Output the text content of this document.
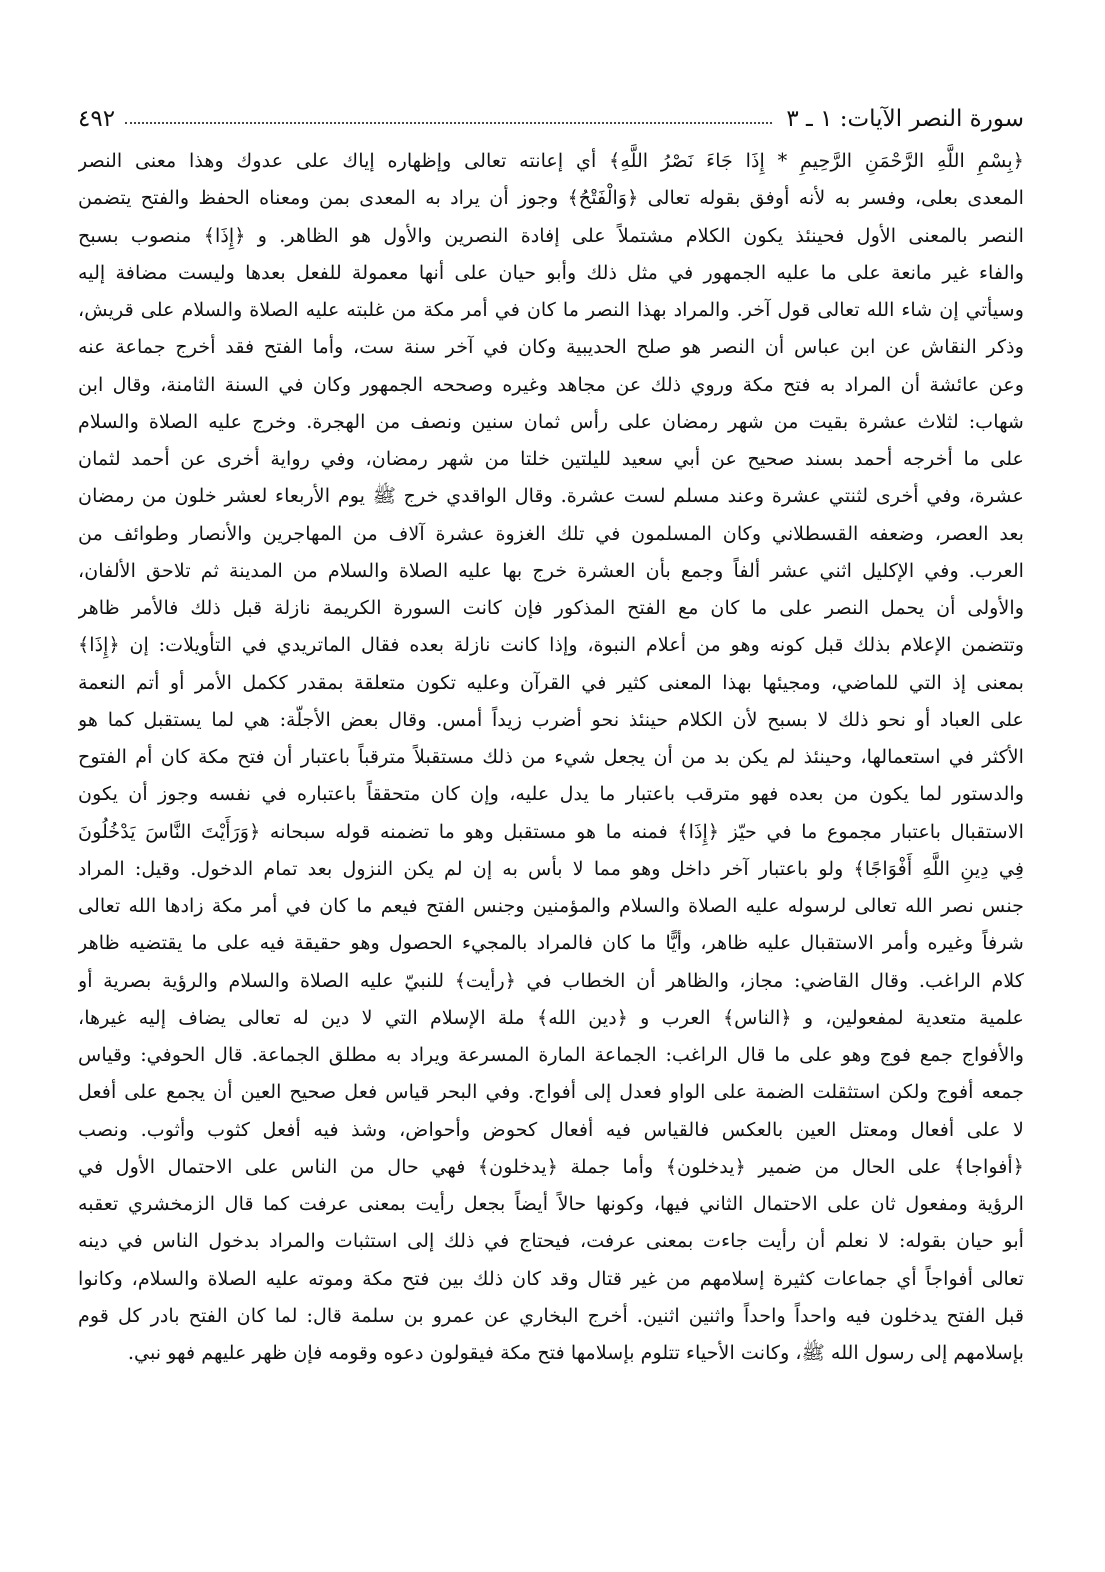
سورة النصر الآيات: ١ ـ ٣
٤٩٢
﴿بِسْمِ اللَّهِ الرَّحْمَنِ الرَّحِيمِ * إِذَا جَاءَ نَصْرُ اللَّهِ﴾ أي إعانته تعالى وإظهاره إياك على عدوك وهذا معنى النصر
المعدى بعلى، وفسر به لأنه أوفق بقوله تعالى ﴿وَالْفَتْحُ﴾ وجوز أن يراد به المعدى بمن ومعناه الحفظ والفتح يتضمن
النصر بالمعنى الأول فحينئذ يكون الكلام مشتملاً على إفادة النصرين والأول هو الظاهر. و ﴿إِذَا﴾ منصوب بسبح
والفاء غير مانعة على ما عليه الجمهور في مثل ذلك وأبو حيان على أنها معمولة للفعل بعدها وليست مضافة إليه
وسيأتي إن شاء الله تعالى قول آخر. والمراد بهذا النصر ما كان في أمر مكة من غلبته عليه الصلاة والسلام على قريش،
وذكر النقاش عن ابن عباس أن النصر هو صلح الحديبية وكان في آخر سنة ست، وأما الفتح فقد أخرج جماعة عنه
وعن عائشة أن المراد به فتح مكة وروي ذلك عن مجاهد وغيره وصححه الجمهور وكان في السنة الثامنة، وقال ابن
شهاب: لثلاث عشرة بقيت من شهر رمضان على رأس ثمان سنين ونصف من الهجرة. وخرج عليه الصلاة والسلام
على ما أخرجه أحمد بسند صحيح عن أبي سعيد لليلتين خلتا من شهر رمضان، وفي رواية أخرى عن أحمد لثمان
عشرة، وفي أخرى لثنتي عشرة وعند مسلم لست عشرة. وقال الواقدي خرج ﷺ يوم الأربعاء لعشر خلون من رمضان
بعد العصر، وضعفه القسطلاني وكان المسلمون في تلك الغزوة عشرة آلاف من المهاجرين والأنصار وطوائف من
العرب. وفي الإكليل اثني عشر ألفاً وجمع بأن العشرة خرج بها عليه الصلاة والسلام من المدينة ثم تلاحق الألفان،
والأولى أن يحمل النصر على ما كان مع الفتح المذكور فإن كانت السورة الكريمة نازلة قبل ذلك فالأمر ظاهر
وتتضمن الإعلام بذلك قبل كونه وهو من أعلام النبوة، وإذا كانت نازلة بعده فقال الماتريدي في التأويلات: إن ﴿إِذَا﴾
بمعنى إذ التي للماضي، ومجيئها بهذا المعنى كثير في القرآن وعليه تكون متعلقة بمقدر ككمل الأمر أو أتم النعمة
على العباد أو نحو ذلك لا بسبح لأن الكلام حينئذ نحو أضرب زيداً أمس. وقال بعض الأجلّة: هي لما يستقبل كما هو
الأكثر في استعمالها، وحينئذ لم يكن بد من أن يجعل شيء من ذلك مستقبلاً مترقباً باعتبار أن فتح مكة كان أم الفتوح
والدستور لما يكون من بعده فهو مترقب باعتبار ما يدل عليه، وإن كان متحققاً باعتباره في نفسه وجوز أن يكون
الاستقبال باعتبار مجموع ما في حيّز ﴿إِذَا﴾ فمنه ما هو مستقبل وهو ما تضمنه قوله سبحانه ﴿وَرَأَيْتَ النَّاسَ يَدْخُلُونَ
فِي دِينِ اللَّهِ أَفْوَاجًا﴾ ولو باعتبار آخر داخل وهو مما لا بأس به إن لم يكن النزول بعد تمام الدخول. وقيل: المراد
جنس نصر الله تعالى لرسوله عليه الصلاة والسلام والمؤمنين وجنس الفتح فيعم ما كان في أمر مكة زادها الله تعالى
شرفاً وغيره وأمر الاستقبال عليه ظاهر، وأيًّا ما كان فالمراد بالمجيء الحصول وهو حقيقة فيه على ما يقتضيه ظاهر
كلام الراغب. وقال القاضي: مجاز، والظاهر أن الخطاب في ﴿رأيت﴾ للنبيّ عليه الصلاة والسلام والرؤية بصرية أو
علمية متعدية لمفعولين، و ﴿الناس﴾ العرب و ﴿دين الله﴾ ملة الإسلام التي لا دين له تعالى يضاف إليه غيرها،
والأفواج جمع فوج وهو على ما قال الراغب: الجماعة المارة المسرعة ويراد به مطلق الجماعة. قال الحوفي: وقياس
جمعه أفوج ولكن استثقلت الضمة على الواو فعدل إلى أفواج. وفي البحر قياس فعل صحيح العين أن يجمع على أفعل
لا على أفعال ومعتل العين بالعكس فالقياس فيه أفعال كحوض وأحواض، وشذ فيه أفعل كثوب وأثوب. ونصب
﴿أفواجا﴾ على الحال من ضمير ﴿يدخلون﴾ وأما جملة ﴿يدخلون﴾ فهي حال من الناس على الاحتمال الأول في
الرؤية ومفعول ثان على الاحتمال الثاني فيها، وكونها حالاً أيضاً بجعل رأيت بمعنى عرفت كما قال الزمخشري تعقبه
أبو حيان بقوله: لا نعلم أن رأيت جاءت بمعنى عرفت، فيحتاج في ذلك إلى استثبات والمراد بدخول الناس في دينه
تعالى أفواجاً أي جماعات كثيرة إسلامهم من غير قتال وقد كان ذلك بين فتح مكة وموته عليه الصلاة والسلام، وكانوا
قبل الفتح يدخلون فيه واحداً واحداً واثنين اثنين. أخرج البخاري عن عمرو بن سلمة قال: لما كان الفتح بادر كل قوم
بإسلامهم إلى رسول الله ﷺ، وكانت الأحياء تتلوم بإسلامها فتح مكة فيقولون دعوه وقومه فإن ظهر عليهم فهو نبي.
